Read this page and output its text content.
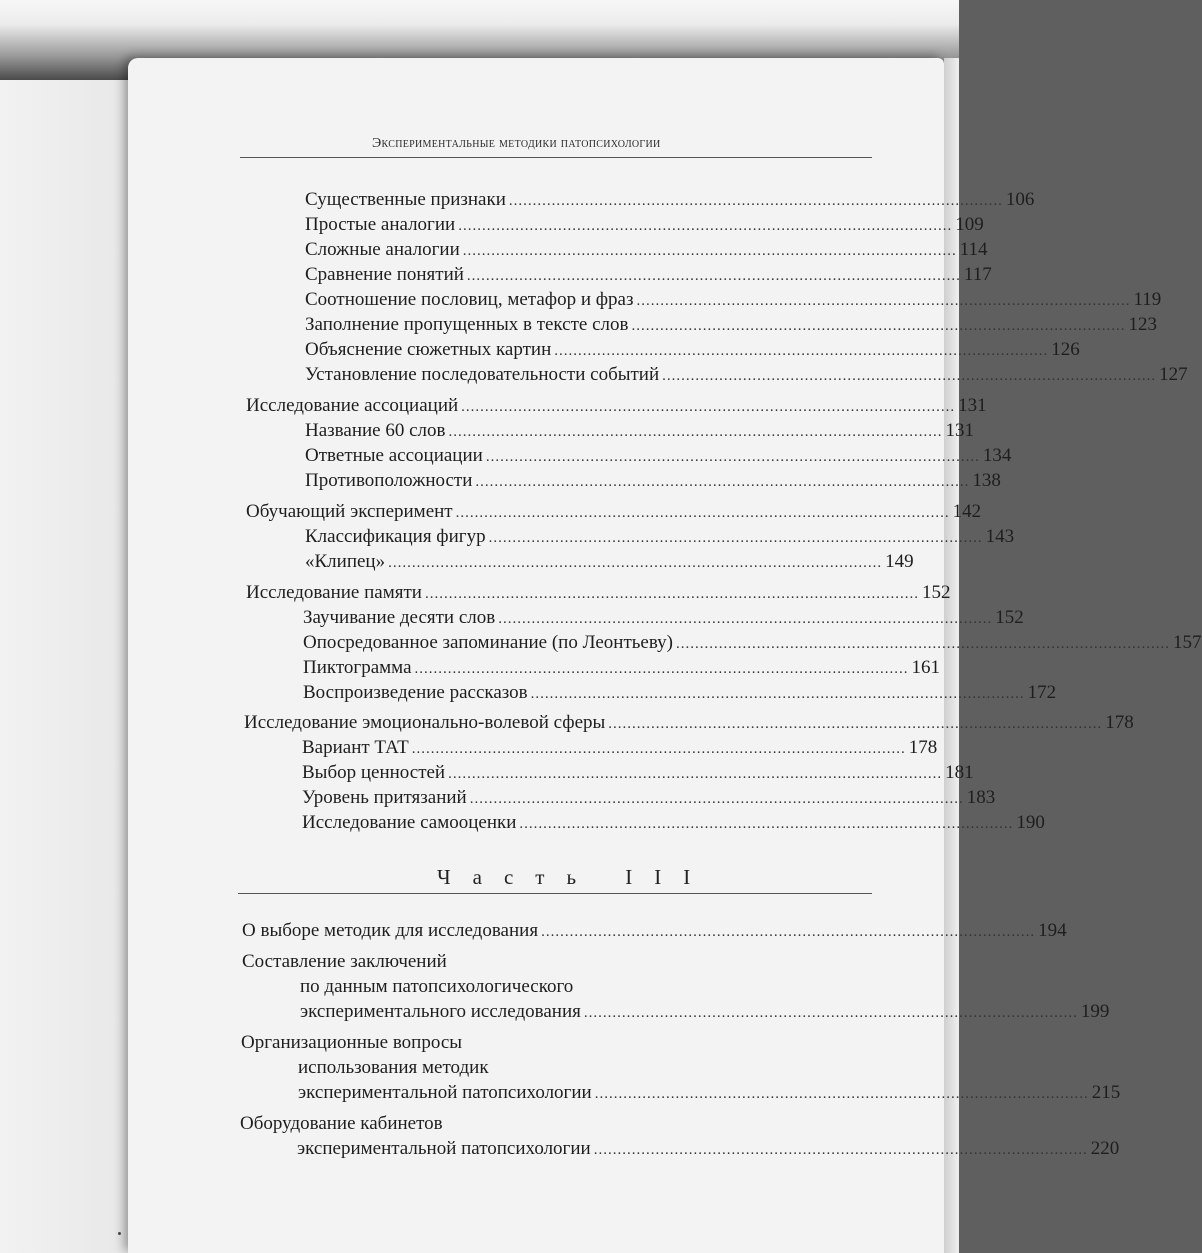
Экспериментальные методики патопсихологии
Существенные признаки ........................................................................................................ 106
Простые аналогии ........................................................................................................ 109
Сложные аналогии ........................................................................................................ 114
Сравнение понятий ........................................................................................................ 117
Соотношение пословиц, метафор и фраз ........................................................................................................ 119
Заполнение пропущенных в тексте слов ........................................................................................................ 123
Объяснение сюжетных картин ........................................................................................................ 126
Установление последовательности событий ........................................................................................................ 127
Исследование ассоциаций ........................................................................................................ 131
Название 60 слов ........................................................................................................ 131
Ответные ассоциации ........................................................................................................ 134
Противоположности ........................................................................................................ 138
Обучающий эксперимент ........................................................................................................ 142
Классификация фигур ........................................................................................................ 143
«Клипец» ........................................................................................................ 149
Исследование памяти ........................................................................................................ 152
Заучивание десяти слов ........................................................................................................ 152
Опосредованное запоминание (по Леонтьеву) ........................................................................................................ 157
Пиктограмма ........................................................................................................ 161
Воспроизведение рассказов ........................................................................................................ 172
Исследование эмоционально-волевой сферы ........................................................................................................ 178
Вариант ТАТ ........................................................................................................ 178
Выбор ценностей ........................................................................................................ 181
Уровень притязаний ........................................................................................................ 183
Исследование самооценки ........................................................................................................ 190
Часть III
О выборе методик для исследования ........................................................................................................ 194
Составление заключений
по данным патопсихологического
экспериментального исследования ........................................................................................................ 199
Организационные вопросы
использования методик
экспериментальной патопсихологии ........................................................................................................ 215
Оборудование кабинетов
экспериментальной патопсихологии ........................................................................................................ 220
